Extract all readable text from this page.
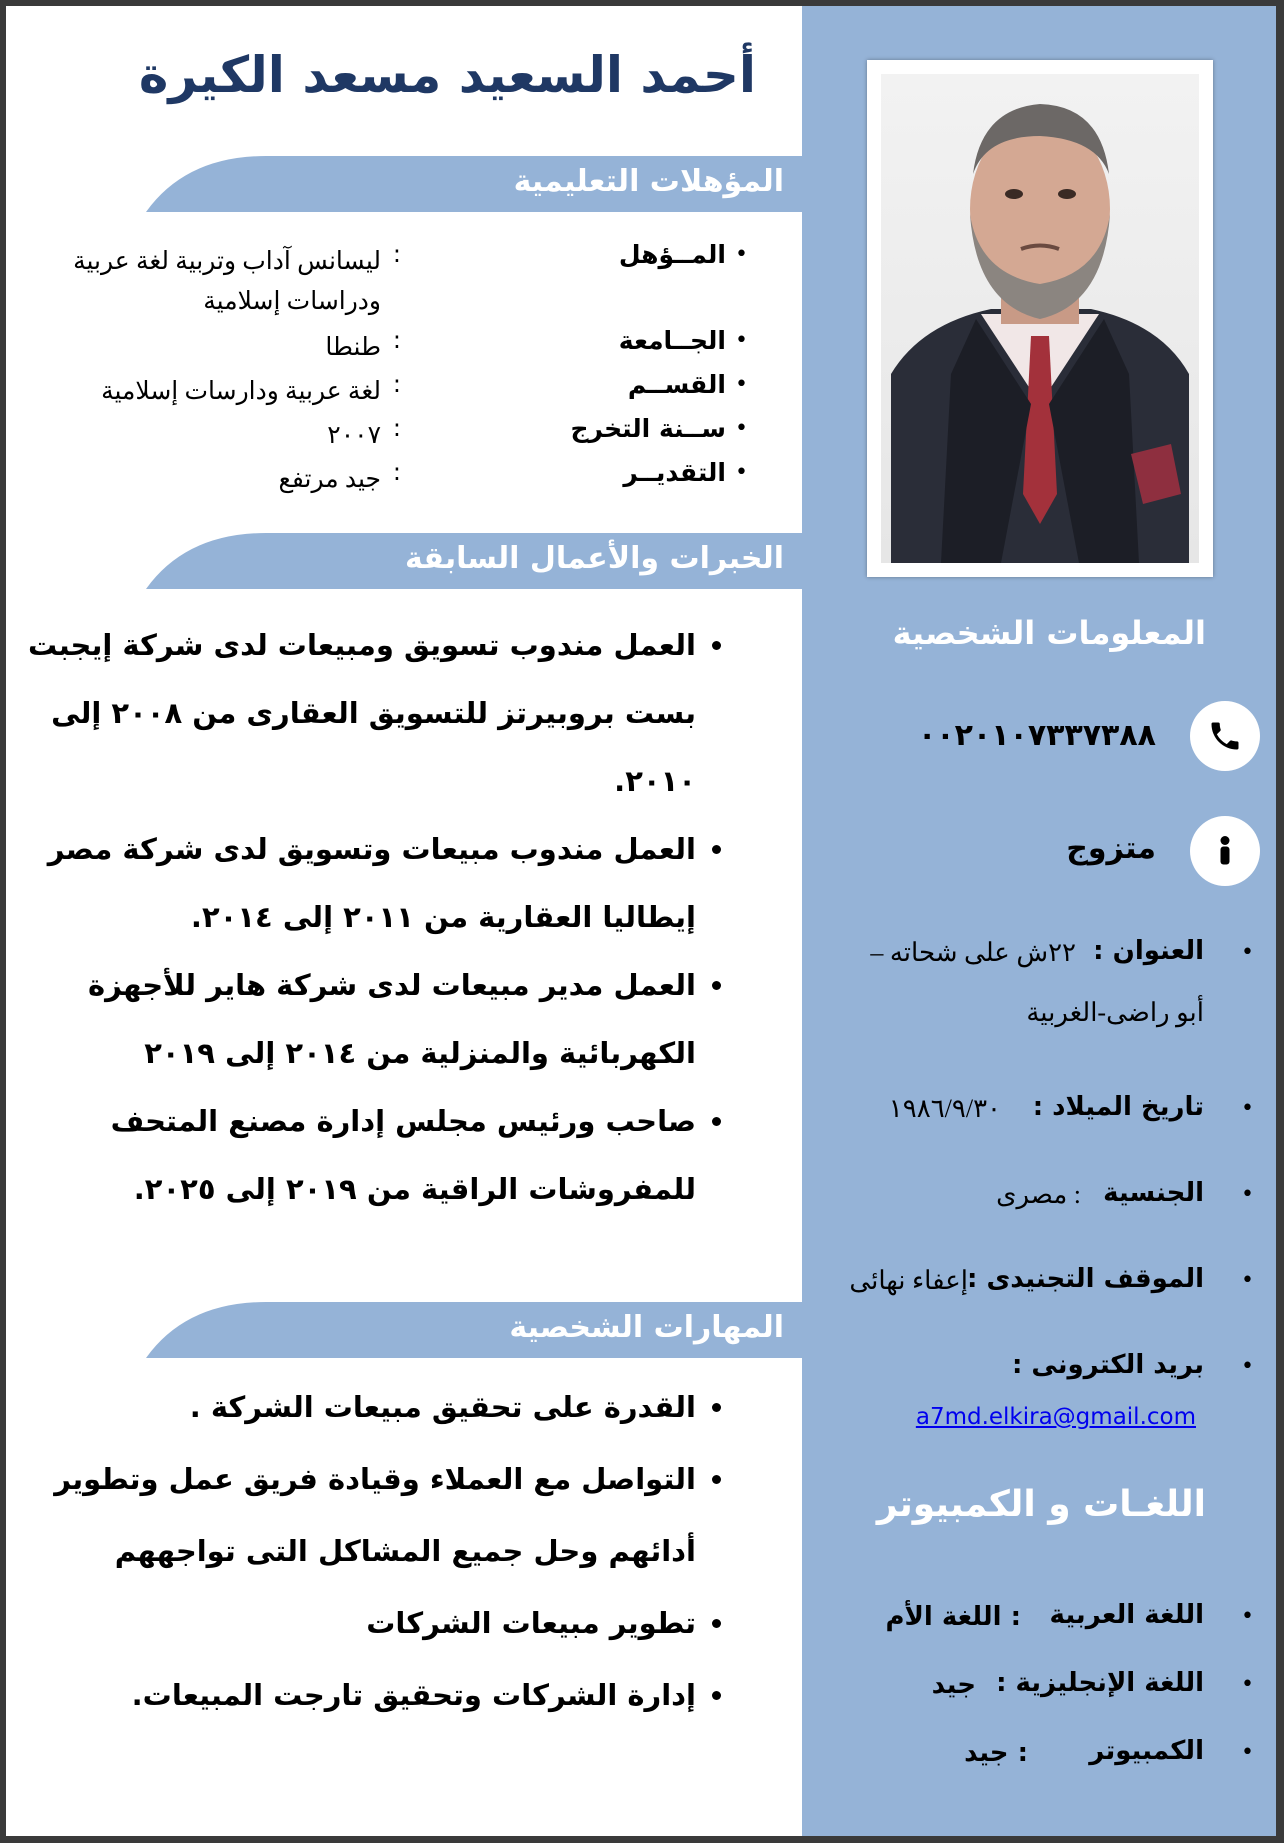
أحمد السعيد مسعد الكيرة
المؤهلات التعليمية
•
المــؤهل
:
ليسانس آداب وتربية لغة عربية ودراسات إسلامية
•
الجــامعة
:
طنطا
•
القســم
:
لغة عربية ودارسات إسلامية
•
ســنة التخرج
:
٢٠٠٧
•
التقديــر
:
جيد مرتفع
الخبرات والأعمال السابقة
• العمل مندوب تسويق ومبيعات لدى شركة إيجبت بست بروبيرتز للتسويق العقارى من ٢٠٠٨ إلى ٢٠١٠.
• العمل مندوب مبيعات وتسويق لدى شركة مصر إيطاليا العقارية من ٢٠١١ إلى ٢٠١٤.
• العمل مدير مبيعات لدى شركة هاير للأجهزة الكهربائية والمنزلية من ٢٠١٤ إلى ٢٠١٩
• صاحب ورئيس مجلس إدارة مصنع المتحف للمفروشات الراقية من ٢٠١٩ إلى ٢٠٢٥.
المهارات الشخصية
• القدرة على تحقيق مبيعات الشركة .
• التواصل مع العملاء وقيادة فريق عمل وتطوير أدائهم وحل جميع المشاكل التى تواجههم
• تطوير مبيعات الشركات
• إدارة الشركات وتحقيق تارجت المبيعات.
المعلومات الشخصية
٠٠٢٠١٠٧٣٣٧٣٨٨
متزوج
•
العنوان :
٢٢ش على شحاته –
أبو راضى-الغربية
•
تاريخ الميلاد :
١٩٨٦/٩/٣٠
•
الجنسية
: مصرى
•
الموقف التجنيدى :
إعفاء نهائى
•
بريد الكترونى :
a7md.elkira@gmail.com
اللغـات و الكمبيوتر
•
اللغة العربية
: اللغة الأم
•
اللغة الإنجليزية :
جيد
•
الكمبيوتر
: جيد
